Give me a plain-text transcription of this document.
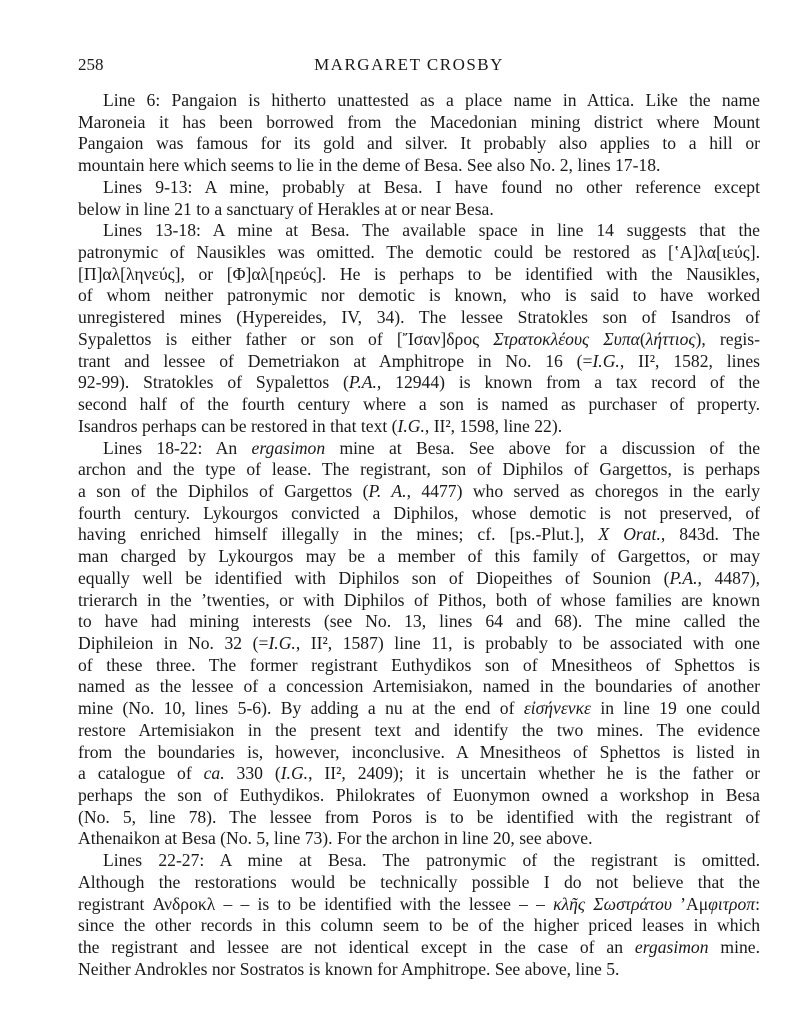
258	MARGARET CROSBY
Line 6: Pangaion is hitherto unattested as a place name in Attica. Like the name
Maroneia it has been borrowed from the Macedonian mining district where Mount
Pangaion was famous for its gold and silver. It probably also applies to a hill or
mountain here which seems to lie in the deme of Besa. See also No. 2, lines 17-18.
Lines 9-13: A mine, probably at Besa. I have found no other reference except
below in line 21 to a sanctuary of Herakles at or near Besa.
Lines 13-18: A mine at Besa. The available space in line 14 suggests that the
patronymic of Nausikles was omitted. The demotic could be restored as [ʽΑ]λα[ιεύς].
[Π]αλ[ληνεύς], or [Φ]αλ[ηρεύς]. He is perhaps to be identified with the Nausikles,
of whom neither patronymic nor demotic is known, who is said to have worked
unregistered mines (Hypereides, IV, 34). The lessee Stratokles son of Isandros of
Sypalettos is either father or son of [Ἴσαν]δρος Στρατοκλέους Συπα(λήττιος), regis-
trant and lessee of Demetriakon at Amphitrope in No. 16 (=I.G., II², 1582, lines
92-99). Stratokles of Sypalettos (P.A., 12944) is known from a tax record of the
second half of the fourth century where a son is named as purchaser of property.
Isandros perhaps can be restored in that text (I.G., II², 1598, line 22).
Lines 18-22: An ergasimon mine at Besa. See above for a discussion of the
archon and the type of lease. The registrant, son of Diphilos of Gargettos, is perhaps
a son of the Diphilos of Gargettos (P. A., 4477) who served as choregos in the early
fourth century. Lykourgos convicted a Diphilos, whose demotic is not preserved, of
having enriched himself illegally in the mines; cf. [ps.-Plut.], X Orat., 843d. The
man charged by Lykourgos may be a member of this family of Gargettos, or may
equally well be identified with Diphilos son of Diopeithes of Sounion (P.A., 4487),
trierarch in the ’twenties, or with Diphilos of Pithos, both of whose families are known
to have had mining interests (see No. 13, lines 64 and 68). The mine called the
Diphileion in No. 32 (=I.G., II², 1587) line 11, is probably to be associated with one
of these three. The former registrant Euthydikos son of Mnesitheos of Sphettos is
named as the lessee of a concession Artemisiakon, named in the boundaries of another
mine (No. 10, lines 5-6). By adding a nu at the end of εἰσήνενκε in line 19 one could
restore Artemisiakon in the present text and identify the two mines. The evidence
from the boundaries is, however, inconclusive. A Mnesitheos of Sphettos is listed in
a catalogue of ca. 330 (I.G., II², 2409); it is uncertain whether he is the father or
perhaps the son of Euthydikos. Philokrates of Euonymon owned a workshop in Besa
(No. 5, line 78). The lessee from Poros is to be identified with the registrant of
Athenaikon at Besa (No. 5, line 73). For the archon in line 20, see above.
Lines 22-27: A mine at Besa. The patronymic of the registrant is omitted.
Although the restorations would be technically possible I do not believe that the
registrant Ανδροκλ – – is to be identified with the lessee – – κλῆς Σωστράτου ’Αμφιτροπ:
since the other records in this column seem to be of the higher priced leases in which
the registrant and lessee are not identical except in the case of an ergasimon mine.
Neither Androkles nor Sostratos is known for Amphitrope. See above, line 5.
